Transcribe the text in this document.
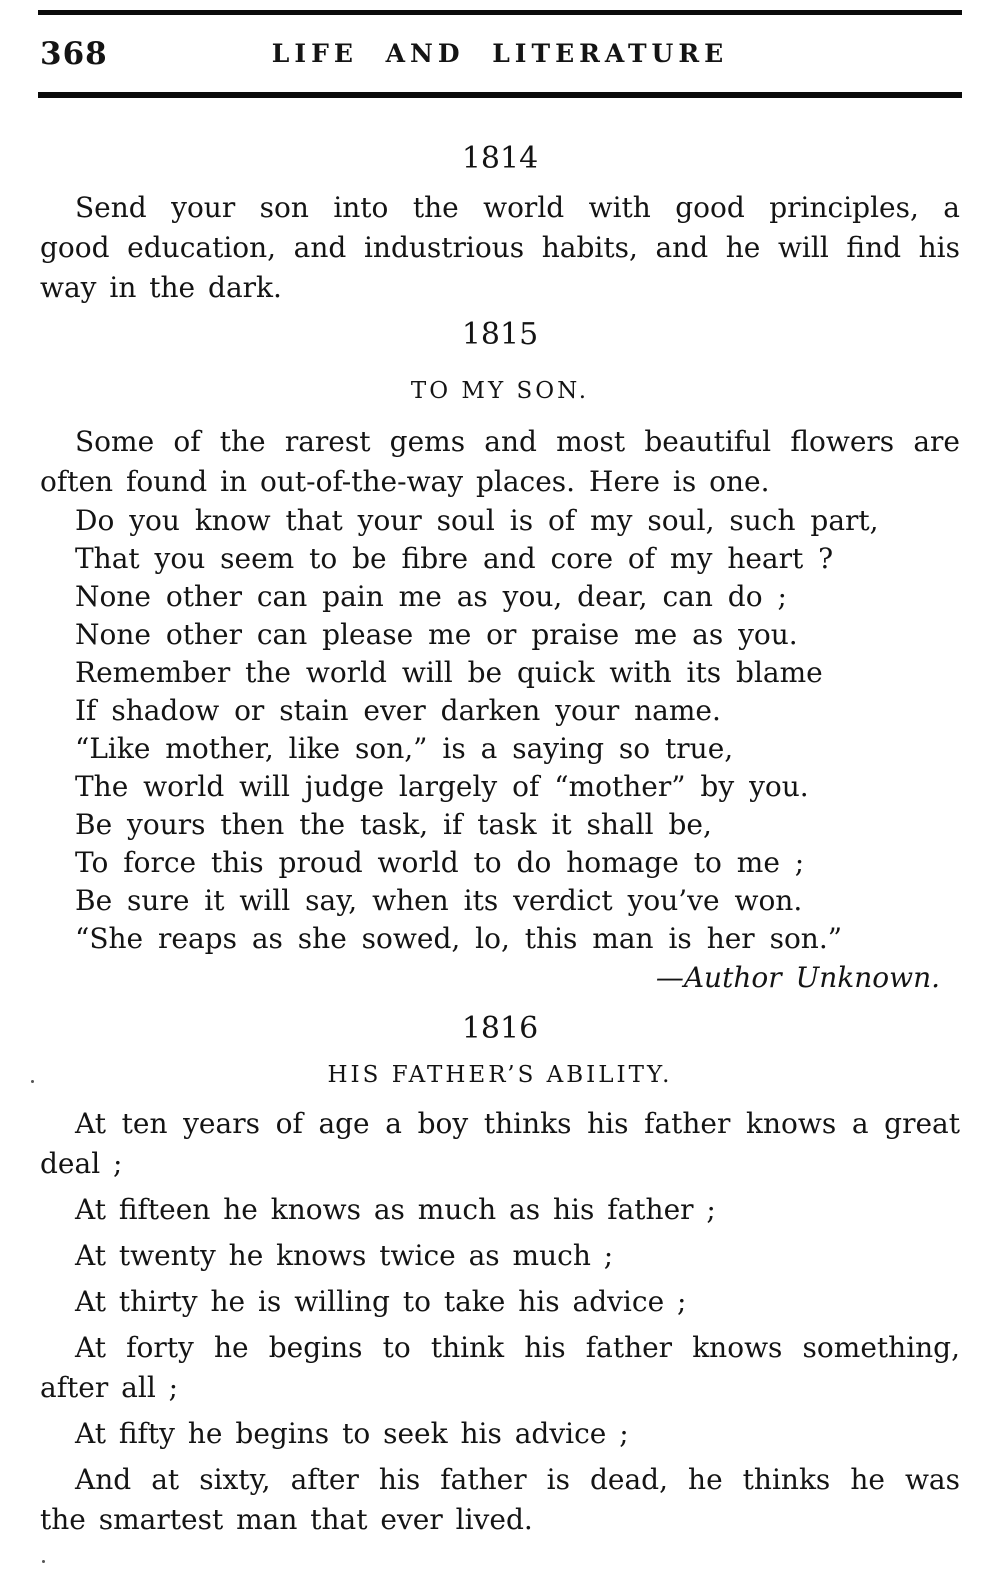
368	LIFE AND LITERATURE
1814

Send your son into the world with good principles, a
good education, and industrious habits, and he will find his
way in the dark.

1815
TO MY SON.

Some of the rarest gems and most beautiful flowers are
often found in out-of-the-way places. Here is one.

Do you know that your soul is of my soul, such part,
That you seem to be fibre and core of my heart ?
None other can pain me as you, dear, can do ;
None other can please me or praise me as you.
Remember the world will be quick with its blame
If shadow or stain ever darken your name.
“Like mother, like son,” is a saying so true,
The world will judge largely of “mother” by you.
Be yours then the task, if task it shall be,
To force this proud world to do homage to me ;
Be sure it will say, when its verdict you’ve won.
“She reaps as she sowed, lo, this man is her son.”

—Author Unknown.

1816
HIS FATHER’S ABILITY.

At ten years of age a boy thinks his father knows a great
deal ;

At fifteen he knows as much as his father ;

At twenty he knows twice as much ;

At thirty he is willing to take his advice ;

At forty he begins to think his father knows something,
after all ;

At fifty he begins to seek his advice ;

And at sixty, after his father is dead, he thinks he was
the smartest man that ever lived.
